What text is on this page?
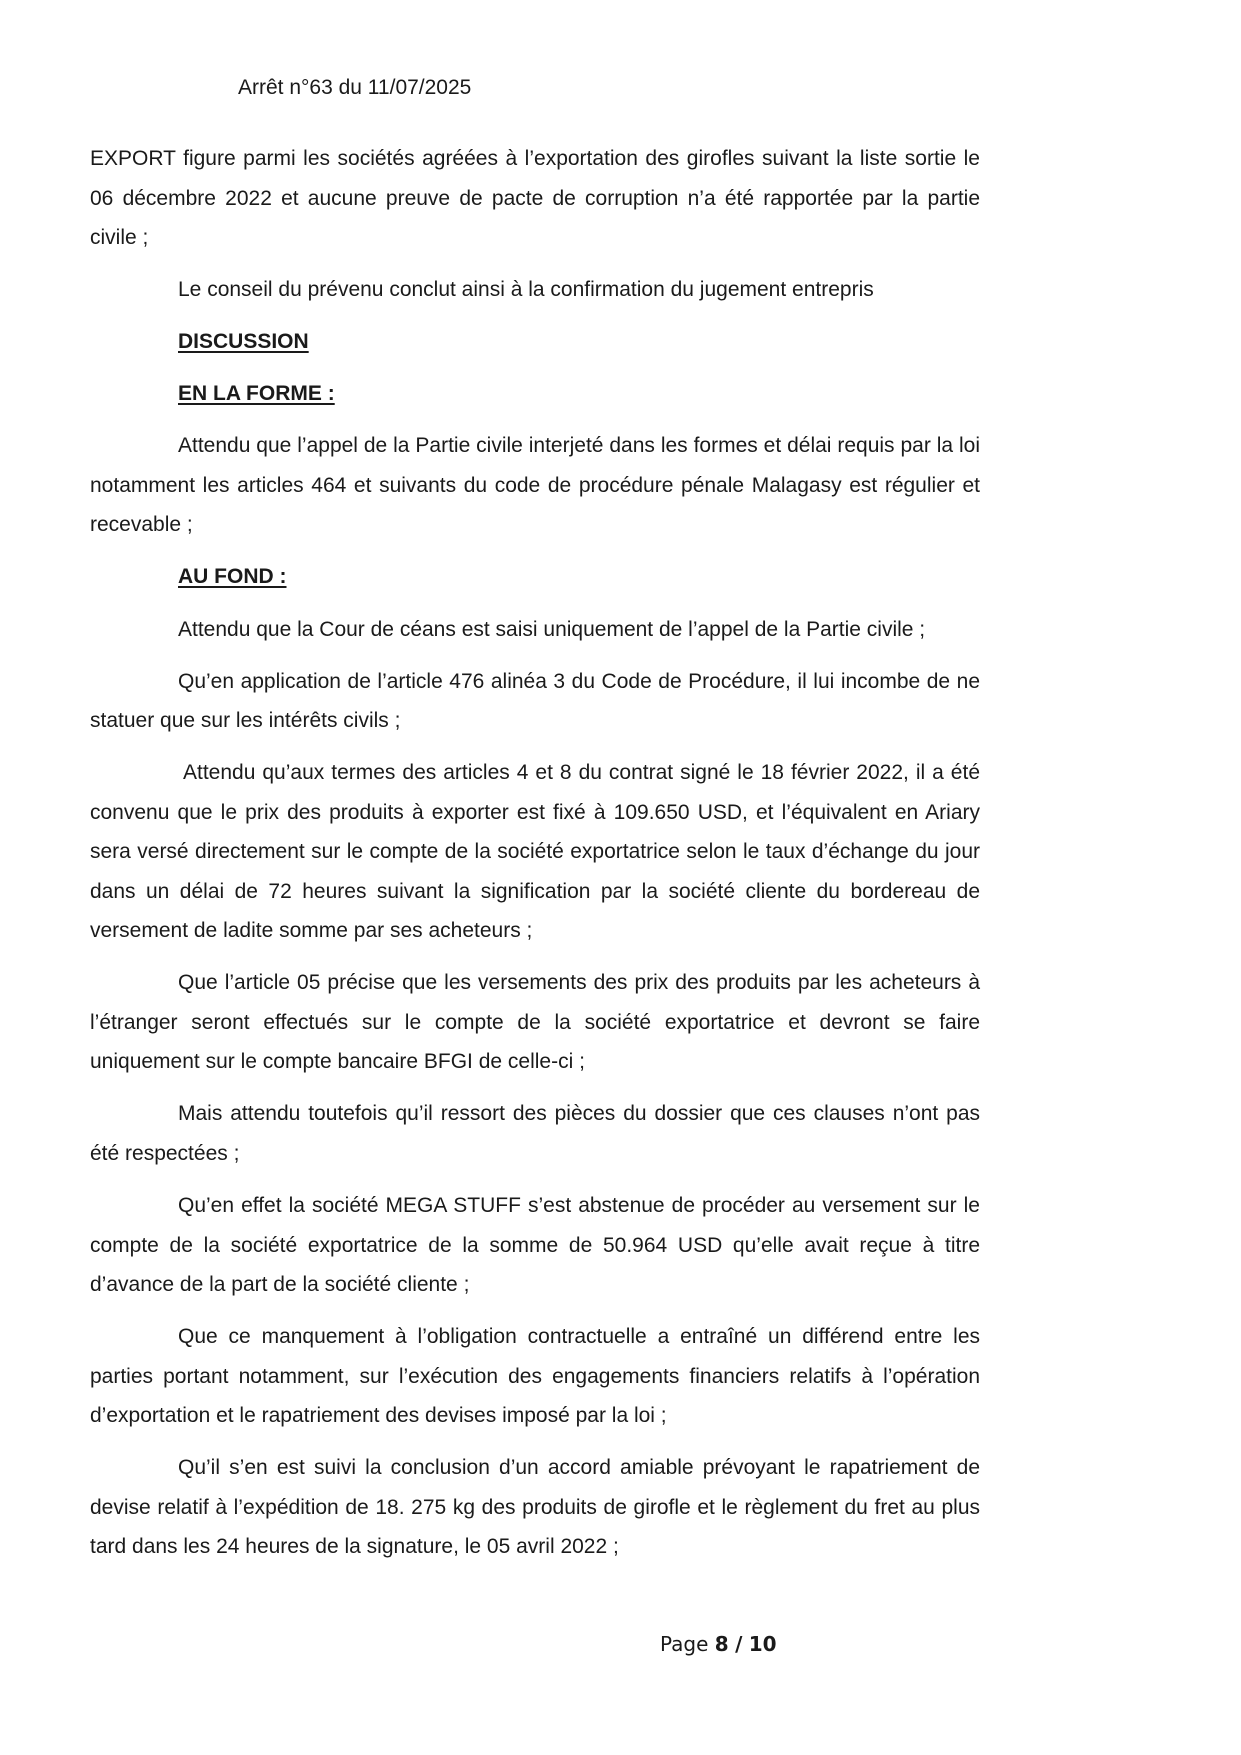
Arrêt n°63 du 11/07/2025

EXPORT figure parmi les sociétés agréées à l’exportation des girofles suivant la liste sortie le 06 décembre 2022 et aucune preuve de pacte de corruption n’a été rapportée par la partie civile ;

Le conseil du prévenu conclut ainsi à la confirmation du jugement entrepris

DISCUSSION
EN LA FORME :

Attendu que l’appel de la Partie civile interjeté dans les formes et délai requis par la loi notamment les articles 464 et suivants du code de procédure pénale Malagasy est régulier et recevable ;

AU FOND :

Attendu que la Cour de céans est saisi uniquement de l’appel de la Partie civile ;

Qu’en application de l’article 476 alinéa 3 du Code de Procédure, il lui incombe de ne statuer que sur les intérêts civils ;

Attendu qu’aux termes des articles 4 et 8 du contrat signé le 18 février 2022, il a été convenu que le prix des produits à exporter est fixé à 109.650 USD, et l’équivalent en Ariary sera versé directement sur le compte de la société exportatrice selon le taux d’échange du jour dans un délai de 72 heures suivant la signification par la société cliente du bordereau de versement de ladite somme par ses acheteurs ;

Que l’article 05 précise que les versements des prix des produits par les acheteurs à l’étranger seront effectués sur le compte de la société exportatrice et devront se faire uniquement sur le compte bancaire BFGI de celle-ci ;

Mais attendu toutefois qu’il ressort des pièces du dossier que ces clauses n’ont pas été respectées ;

Qu’en effet la société MEGA STUFF s’est abstenue de procéder au versement sur le compte de la société exportatrice de la somme de 50.964 USD qu’elle avait reçue à titre d’avance de la part de la société cliente ;

Que ce manquement à l’obligation contractuelle a entraîné un différend entre les parties portant notamment, sur l’exécution des engagements financiers relatifs à l’opération d’exportation et le rapatriement des devises imposé par la loi ;

Qu’il s’en est suivi la conclusion d’un accord amiable prévoyant le rapatriement de devise relatif à l’expédition de 18. 275 kg des produits de girofle et le règlement du fret au plus tard dans les 24 heures de la signature, le 05 avril 2022 ;

Page 8 / 10
